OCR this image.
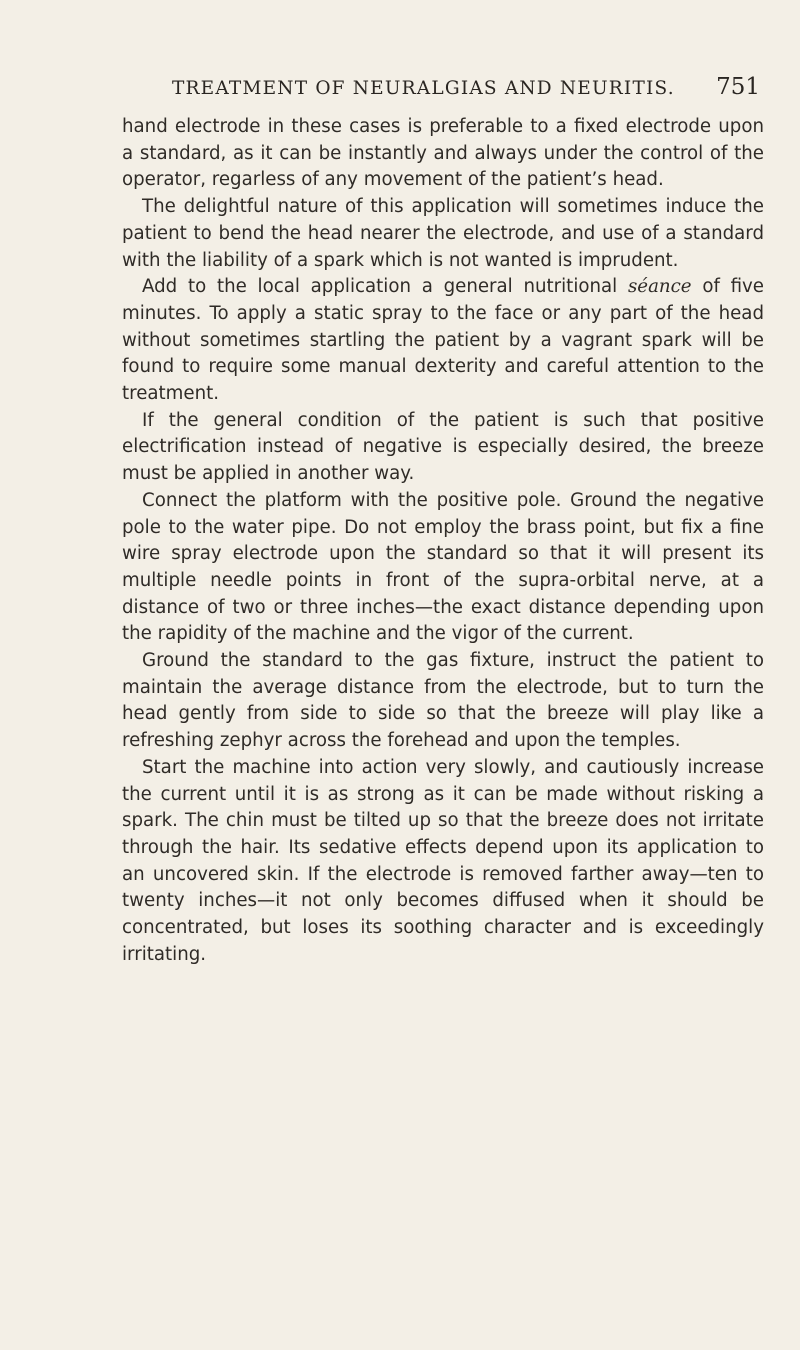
TREATMENT OF NEURALGIAS AND NEURITIS. 751

hand electrode in these cases is preferable to a fixed electrode upon a standard, as it can be instantly and always under the control of the operator, regarless of any movement of the patient’s head.

The delightful nature of this application will sometimes induce the patient to bend the head nearer the electrode, and use of a standard with the liability of a spark which is not wanted is imprudent.

Add to the local application a general nutritional séance of five minutes. To apply a static spray to the face or any part of the head without sometimes startling the patient by a vagrant spark will be found to require some manual dexterity and careful attention to the treatment.

If the general condition of the patient is such that positive electrification instead of negative is especially desired, the breeze must be applied in another way.

Connect the platform with the positive pole. Ground the negative pole to the water pipe. Do not employ the brass point, but fix a fine wire spray electrode upon the standard so that it will present its multiple needle points in front of the supra-orbital nerve, at a distance of two or three inches—the exact distance depending upon the rapidity of the machine and the vigor of the current.

Ground the standard to the gas fixture, instruct the patient to maintain the average distance from the electrode, but to turn the head gently from side to side so that the breeze will play like a refreshing zephyr across the forehead and upon the temples.

Start the machine into action very slowly, and cautiously increase the current until it is as strong as it can be made without risking a spark. The chin must be tilted up so that the breeze does not irritate through the hair. Its sedative effects depend upon its application to an uncovered skin. If the electrode is removed farther away—ten to twenty inches—it not only becomes diffused when it should be concentrated, but loses its soothing character and is exceedingly irritating.
